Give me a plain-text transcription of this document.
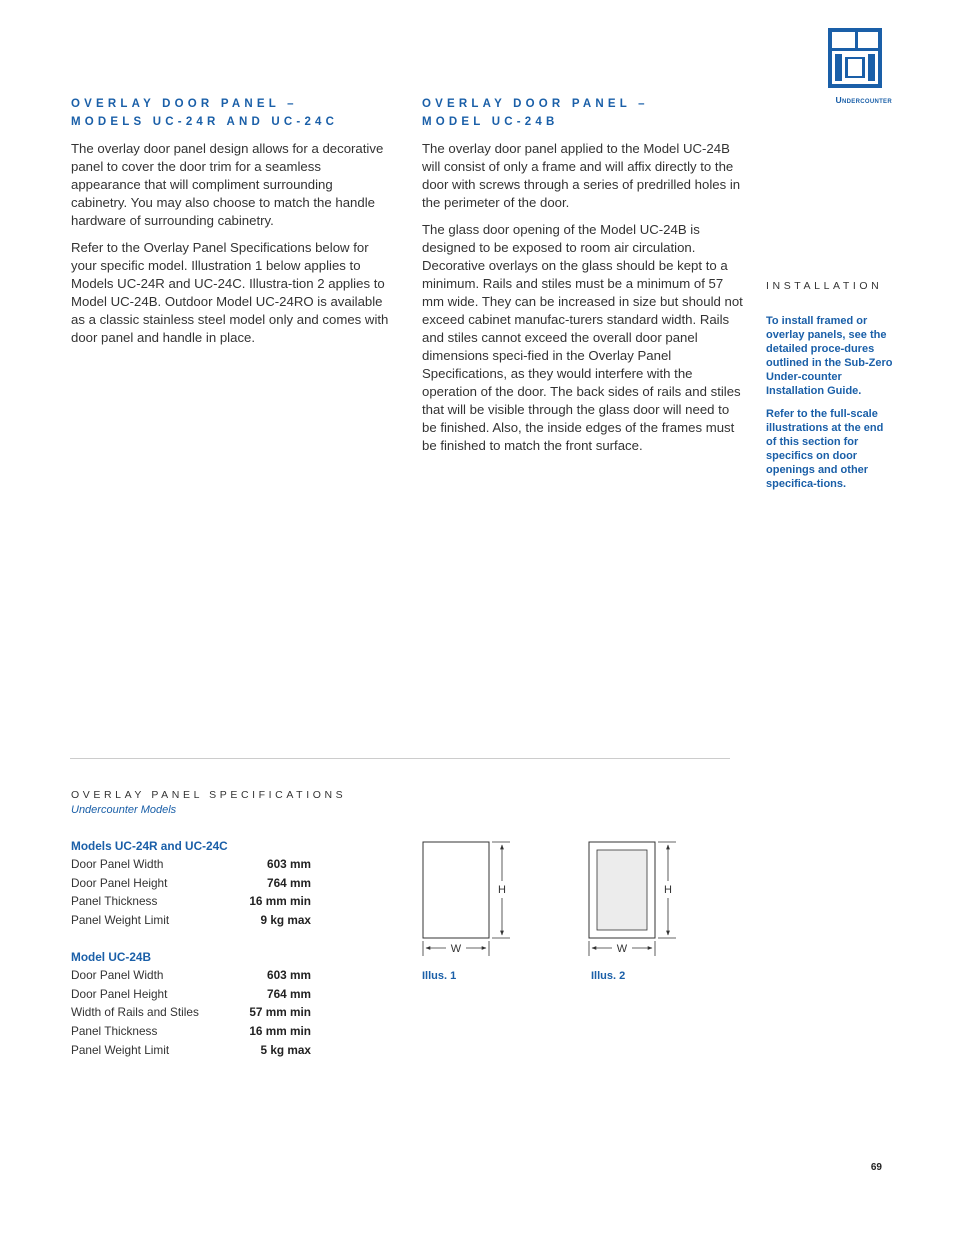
Undercounter
OVERLAY DOOR PANEL –
MODELS UC-24R AND UC-24C

The overlay door panel design allows for a decorative panel to cover the door trim for a seamless appearance that will compliment surrounding cabinetry. You may also choose to match the handle hardware of surrounding cabinetry.

Refer to the Overlay Panel Specifications below for your specific model. Illustration 1 below applies to Models UC-24R and UC-24C. Illustra-tion 2 applies to Model UC-24B. Outdoor Model UC-24RO is available as a classic stainless steel model only and comes with door panel and handle in place.

OVERLAY DOOR PANEL –
MODEL UC-24B

The overlay door panel applied to the Model UC-24B will consist of only a frame and will affix directly to the door with screws through a series of predrilled holes in the perimeter of the door.

The glass door opening of the Model UC-24B is designed to be exposed to room air circulation. Decorative overlays on the glass should be kept to a minimum. Rails and stiles must be a minimum of 57 mm wide. They can be increased in size but should not exceed cabinet manufac-turers standard width. Rails and stiles cannot exceed the overall door panel dimensions speci-fied in the Overlay Panel Specifications, as they would interfere with the operation of the door. The back sides of rails and stiles that will be visible through the glass door will need to be finished. Also, the inside edges of the frames must be finished to match the front surface.

INSTALLATION

To install framed or overlay panels, see the detailed proce-dures outlined in the Sub-Zero Under-counter Installation Guide.

Refer to the full-scale illustrations at the end of this section for specifics on door openings and other specifica-tions.

OVERLAY PANEL SPECIFICATIONS
Undercounter Models
Models UC-24R and UC-24C
Door Panel Width	603 mm
Door Panel Height	764 mm
Panel Thickness	16 mm min
Panel Weight Limit	9 kg max
Model UC-24B
Door Panel Width	603 mm
Door Panel Height	764 mm
Width of Rails and Stiles	57 mm min
Panel Thickness	16 mm min
Panel Weight Limit	5 kg max
H
W
Illus. 1
H
W
Illus. 2
69
